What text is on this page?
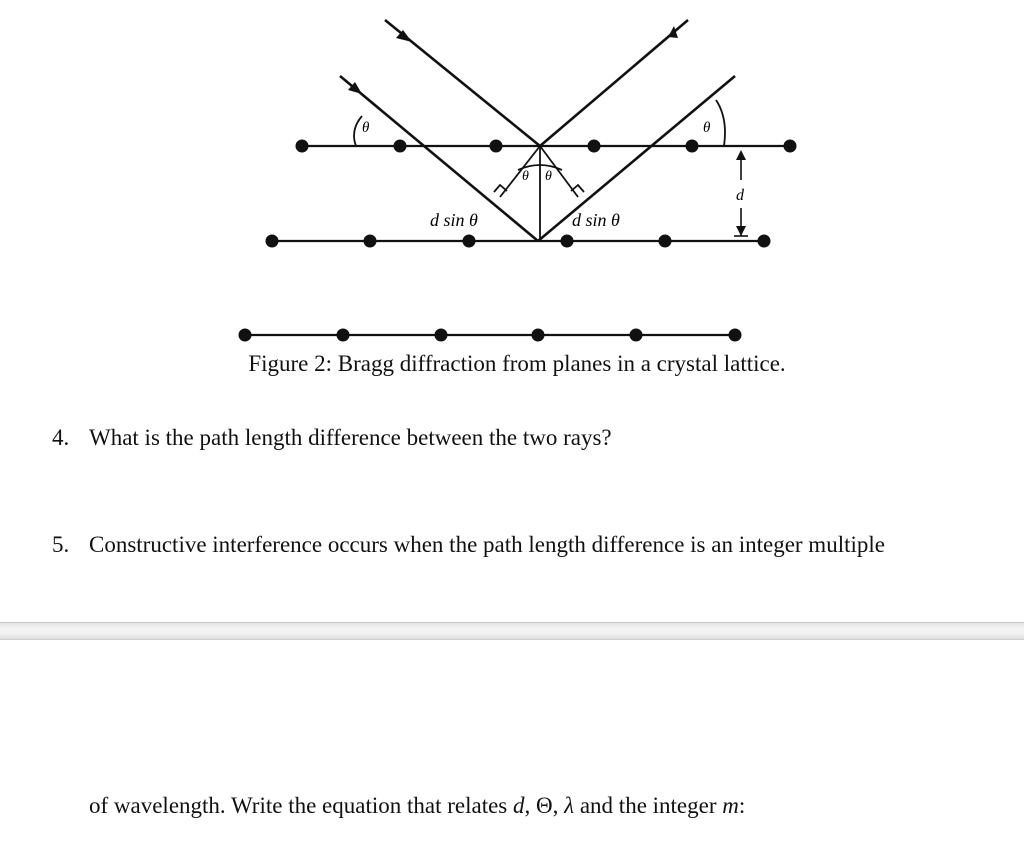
θ
θ θ
θ
d sin θ	d sin θ
d
Figure 2: Bragg diffraction from planes in a crystal lattice.
4. What is the path length difference between the two rays?
5. Constructive interference occurs when the path length difference is an integer multiple
of wavelength. Write the equation that relates d, Θ, λ and the integer m:
